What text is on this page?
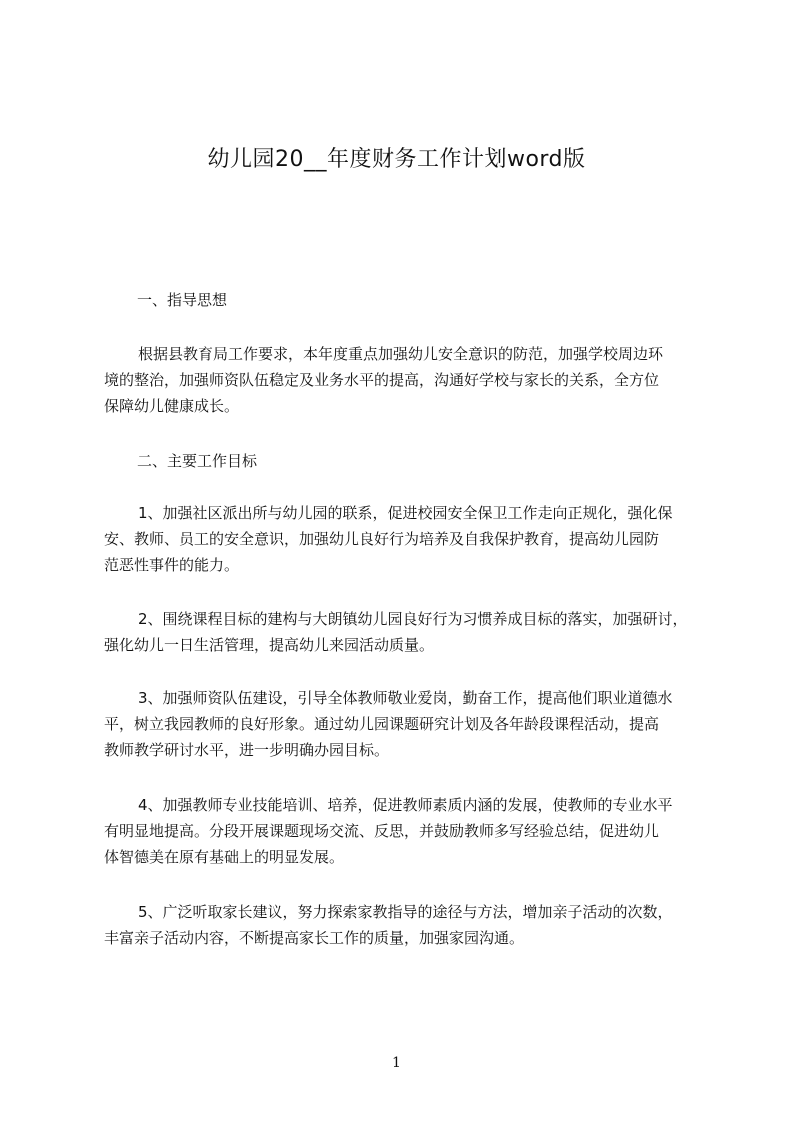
幼儿园20__年度财务工作计划word版
一、指导思想
根据县教育局工作要求，本年度重点加强幼儿安全意识的防范，加强学校周边环
境的整治，加强师资队伍稳定及业务水平的提高，沟通好学校与家长的关系，全方位
保障幼儿健康成长。
二、主要工作目标
1、加强社区派出所与幼儿园的联系，促进校园安全保卫工作走向正规化，强化保
安、教师、员工的安全意识，加强幼儿良好行为培养及自我保护教育，提高幼儿园防
范恶性事件的能力。
2、围绕课程目标的建构与大朗镇幼儿园良好行为习惯养成目标的落实，加强研讨，
强化幼儿一日生活管理，提高幼儿来园活动质量。
3、加强师资队伍建设，引导全体教师敬业爱岗，勤奋工作，提高他们职业道德水
平，树立我园教师的良好形象。通过幼儿园课题研究计划及各年龄段课程活动，提高
教师教学研讨水平，进一步明确办园目标。
4、加强教师专业技能培训、培养，促进教师素质内涵的发展，使教师的专业水平
有明显地提高。分段开展课题现场交流、反思，并鼓励教师多写经验总结，促进幼儿
体智德美在原有基础上的明显发展。
5、广泛听取家长建议，努力探索家教指导的途径与方法，增加亲子活动的次数，
丰富亲子活动内容，不断提高家长工作的质量，加强家园沟通。
1
